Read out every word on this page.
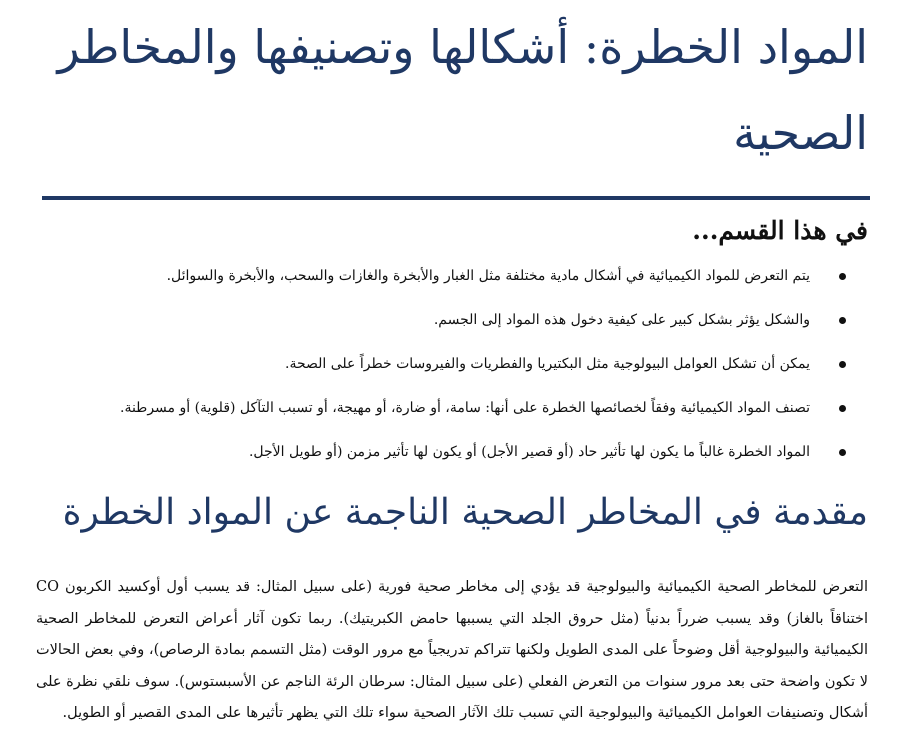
المواد الخطرة: أشكالها وتصنيفها والمخاطر الصحية
في هذا القسم...
يتم التعرض للمواد الكيميائية في أشكال مادية مختلفة مثل الغبار والأبخرة والغازات والسحب، والأبخرة والسوائل.
والشكل يؤثر بشكل كبير على كيفية دخول هذه المواد إلى الجسم.
يمكن أن تشكل العوامل البيولوجية مثل البكتيريا والفطريات والفيروسات خطراً على الصحة.
تصنف المواد الكيميائية وفقاً لخصائصها الخطرة على أنها: سامة، أو ضارة، أو مهيجة، أو تسبب التآكل (قلوية) أو مسرطنة.
المواد الخطرة غالباً ما يكون لها تأثير حاد (أو قصير الأجل) أو يكون لها تأثير مزمن (أو طويل الأجل.
مقدمة في المخاطر الصحية الناجمة عن المواد الخطرة

التعرض للمخاطر الصحية الكيميائية والبيولوجية قد يؤدي إلى مخاطر صحية فورية (على سبيل المثال: قد يسبب أول أوكسيد الكربون CO اختناقاً بالغاز) وقد يسبب ضرراً بدنياً (مثل حروق الجلد التي يسببها حامض الكبريتيك). ربما تكون آثار أعراض التعرض للمخاطر الصحية الكيميائية والبيولوجية أقل وضوحاً على المدى الطويل ولكنها تتراكم تدريجياً مع مرور الوقت (مثل التسمم بمادة الرصاص)، وفي بعض الحالات لا تكون واضحة حتى بعد مرور سنوات من التعرض الفعلي (على سبيل المثال: سرطان الرئة الناجم عن الأسبستوس). سوف نلقي نظرة على أشكال وتصنيفات العوامل الكيميائية والبيولوجية التي تسبب تلك الآثار الصحية سواء تلك التي يظهر تأثيرها على المدى القصير أو الطويل.
